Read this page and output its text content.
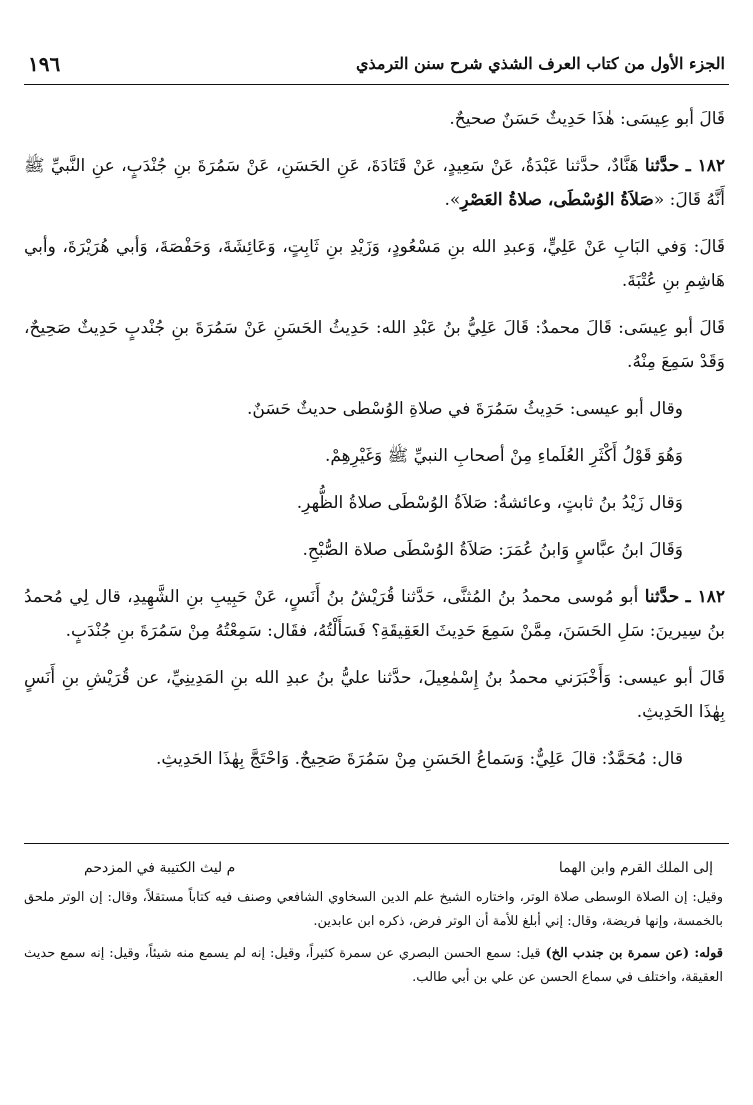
الجزء الأول من كتاب العرف الشذي شرح سنن الترمذي
١٩٦

قَالَ أبو عِيسَى: هٰذَا حَدِيثٌ حَسَنٌ صحيحٌ.

١٨٢ ـ حدَّثنا هَنَّادٌ، حدَّثنا عَبْدَةُ، عَنْ سَعِيدٍ، عَنْ قَتَادَةَ، عَنِ الحَسَنِ، عَنْ سَمُرَةَ بنِ جُنْدَبٍ، عنِ النَّبيِّ ﷺ أَنَّهُ قَالَ: «صَلاَةُ الوُسْطَى، صلاةُ العَصْرِ».

قَالَ: وَفي البَابِ عَنْ عَلِيٍّ، وَعبدِ الله بنِ مَسْعُودٍ، وَزَيْدِ بنِ ثَابِتٍ، وَعَائِشَةَ، وَحَفْصَةَ، وَأبي هُرَيْرَةَ، وأبي هَاشِمِ بنِ عُتْبَةَ.

قَالَ أبو عِيسَى: قَالَ محمدٌ: قَالَ عَلِيُّ بنُ عَبْدِ الله: حَدِيثُ الحَسَنِ عَنْ سَمُرَةَ بنِ جُنْدبٍ حَدِيثٌ صَحِيحٌ، وَقَدْ سَمِعَ مِنْهُ.

وقال أبو عيسى: حَدِيثُ سَمُرَةَ في صلاةِ الوُسْطى حديثٌ حَسَنٌ.

وَهُوَ قَوْلُ أَكْثَرِ العُلَماءِ مِنْ أصحابِ النبيِّ ﷺ وَغَيْرِهِمْ.

وَقال زَيْدُ بنُ ثابتٍ، وعائشةُ: صَلاَةُ الوُسْطَى صلاةُ الظُّهرِ.

وَقَالَ ابنُ عبَّاسٍ وَابنُ عُمَرَ: صَلاَةُ الوُسْطَى صلاة الصُّبْحِ.

١٨٢ ـ حدَّثنا أبو مُوسى محمدُ بنُ المُثنَّى، حَدَّثنا قُرَيْشُ بنُ أَنَسٍ، عَنْ حَبِيبِ بنِ الشَّهِيدِ، قال لِي مُحمدُ بنُ سِيرينَ: سَلِ الحَسَنَ، مِمَّنْ سَمِعَ حَدِيثَ العَقِيقَةِ؟ فَسَأَلْتُهُ، فقَال: سَمِعْتُهُ مِنْ سَمُرَةَ بنِ جُنْدَبٍ.

قَالَ أبو عيسى: وَأَخْبَرَني محمدُ بنُ إِسْمٰعِيلَ، حدَّثنا عليُّ بنُ عبدِ الله بنِ المَدِينِيِّ، عن قُرَيْشِ بنِ أَنَسٍ بِهٰذَا الحَدِيثِ.

قال: مُحَمَّدٌ: قالَ عَلِيٌّ: وَسَماعُ الحَسَنِ مِنْ سَمُرَةَ صَحِيحٌ. وَاحْتَجَّ بِهٰذَا الحَدِيثِ.

إلى الملك القرم وابن الهما
م ليث الكتيبة في المزدحم

وقيل: إن الصلاة الوسطى صلاة الوتر، واختاره الشيخ علم الدين السخاوي الشافعي وصنف فيه كتاباً مستقلاً، وقال: إن الوتر ملحق بالخمسة، وإنها فريضة، وقال: إني أبلغ للأمة أن الوتر فرض، ذكره ابن عابدين.

قوله: (عن سمرة بن جندب الخ) قيل: سمع الحسن البصري عن سمرة كثيراً، وقيل: إنه لم يسمع منه شيئاً، وقيل: إنه سمع حديث العقيقة، واختلف في سماع الحسن عن علي بن أبي طالب.
